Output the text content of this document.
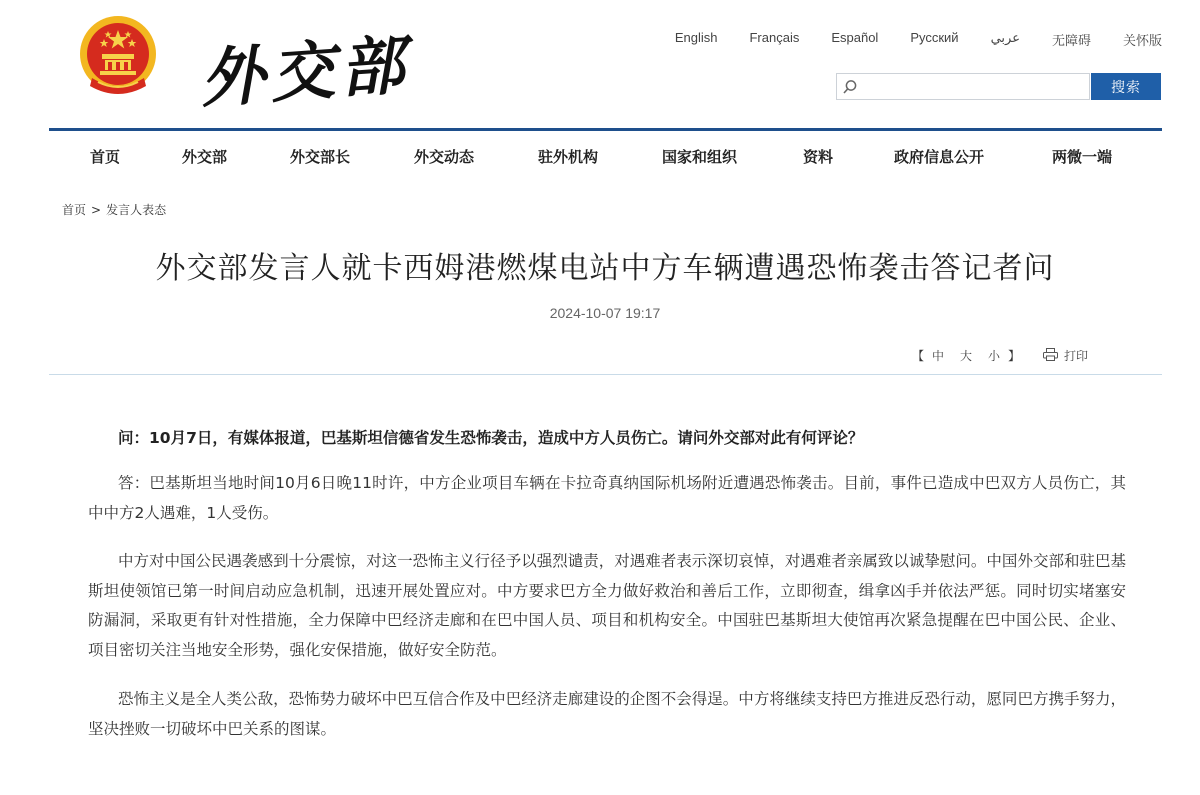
外交部	English Français Español Русский عربي 无障碍 关怀版
搜索
首页	外交部	外交部长	外交动态	驻外机构	国家和组织	资料	政府信息公开	两微一端
首页 > 发言人表态
外交部发言人就卡西姆港燃煤电站中方车辆遭遇恐怖袭击答记者问
2024-10-07 19:17
【 中 大 小 】	打印
问：10月7日，有媒体报道，巴基斯坦信德省发生恐怖袭击，造成中方人员伤亡。请问外交部对此有何评论？
答：巴基斯坦当地时间10月6日晚11时许，中方企业项目车辆在卡拉奇真纳国际机场附近遭遇恐怖袭击。目前，事件已造成中巴双方人员伤亡，其中中方2人遇难，1人受伤。
中方对中国公民遇袭感到十分震惊，对这一恐怖主义行径予以强烈谴责，对遇难者表示深切哀悼，对遇难者亲属致以诚挚慰问。中国外交部和驻巴基斯坦使领馆已第一时间启动应急机制，迅速开展处置应对。中方要求巴方全力做好救治和善后工作，立即彻查，缉拿凶手并依法严惩。同时切实堵塞安防漏洞，采取更有针对性措施，全力保障中巴经济走廊和在巴中国人员、项目和机构安全。中国驻巴基斯坦大使馆再次紧急提醒在巴中国公民、企业、项目密切关注当地安全形势，强化安保措施，做好安全防范。
恐怖主义是全人类公敌，恐怖势力破坏中巴互信合作及中巴经济走廊建设的企图不会得逞。中方将继续支持巴方推进反恐行动，愿同巴方携手努力，坚决挫败一切破坏中巴关系的图谋。
